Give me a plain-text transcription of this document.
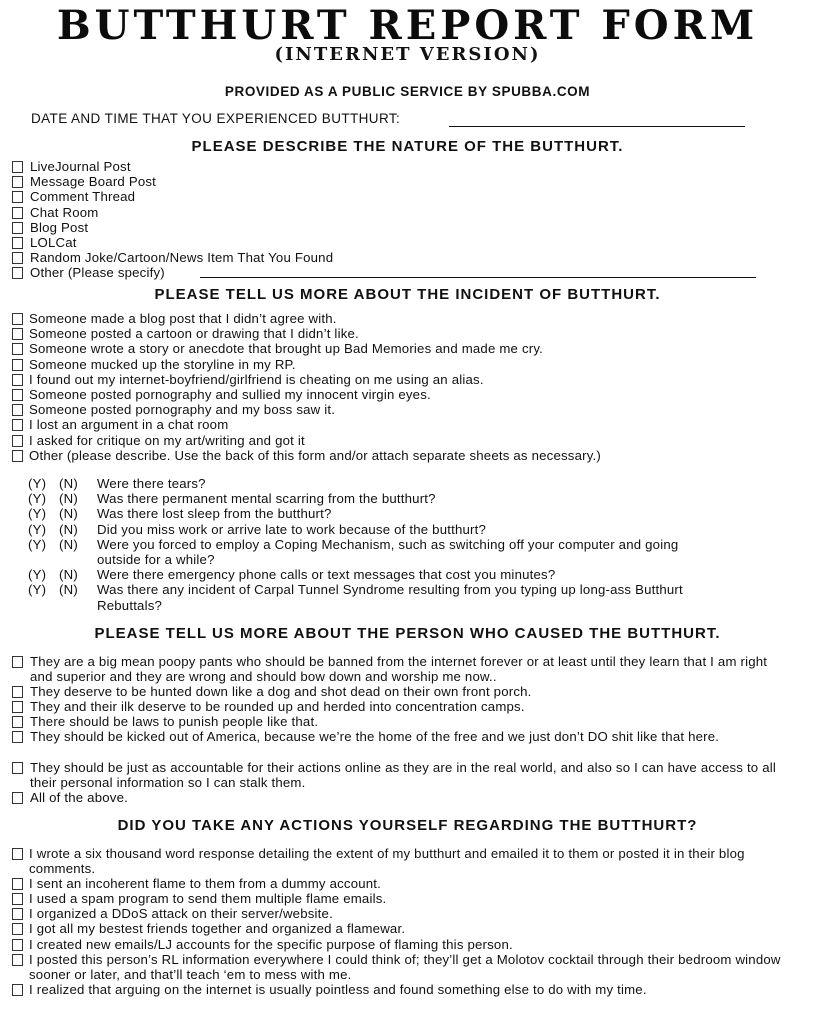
BUTTHURT REPORT FORM
(INTERNET VERSION)
PROVIDED AS A PUBLIC SERVICE BY SPUBBA.COM
DATE AND TIME THAT YOU EXPERIENCED BUTTHURT:
PLEASE DESCRIBE THE NATURE OF THE BUTTHURT.
LiveJournal Post
Message Board Post
Comment Thread
Chat Room
Blog Post
LOLCat
Random Joke/Cartoon/News Item That You Found
Other (Please specify)
PLEASE TELL US MORE ABOUT THE INCIDENT OF BUTTHURT.
Someone made a blog post that I didn’t agree with.
Someone posted a cartoon or drawing that I didn’t like.
Someone wrote a story or anecdote that brought up Bad Memories and made me cry.
Someone mucked up the storyline in my RP.
I found out my internet-boyfriend/girlfriend is cheating on me using an alias.
Someone posted pornography and sullied my innocent virgin eyes.
Someone posted pornography and my boss saw it.
I lost an argument in a chat room
I asked for critique on my art/writing and got it
Other (please describe. Use the back of this form and/or attach separate sheets as necessary.)
(Y) (N) Were there tears?
(Y) (N) Was there permanent mental scarring from the butthurt?
(Y) (N) Was there lost sleep from the butthurt?
(Y) (N) Did you miss work or arrive late to work because of the butthurt?
(Y) (N) Were you forced to employ a Coping Mechanism, such as switching off your computer and going outside for a while?
(Y) (N) Were there emergency phone calls or text messages that cost you minutes?
(Y) (N) Was there any incident of Carpal Tunnel Syndrome resulting from you typing up long-ass Butthurt Rebuttals?
PLEASE TELL US MORE ABOUT THE PERSON WHO CAUSED THE BUTTHURT.
They are a big mean poopy pants who should be banned from the internet forever or at least until they learn that I am right and superior and they are wrong and should bow down and worship me now..
They deserve to be hunted down like a dog and shot dead on their own front porch.
They and their ilk deserve to be rounded up and herded into concentration camps.
There should be laws to punish people like that.
They should be kicked out of America, because we’re the home of the free and we just don’t DO shit like that here.
They should be just as accountable for their actions online as they are in the real world, and also so I can have access to all their personal information so I can stalk them.
All of the above.
DID YOU TAKE ANY ACTIONS YOURSELF REGARDING THE BUTTHURT?
I wrote a six thousand word response detailing the extent of my butthurt and emailed it to them or posted it in their blog comments.
I sent an incoherent flame to them from a dummy account.
I used a spam program to send them multiple flame emails.
I organized a DDoS attack on their server/website.
I got all my bestest friends together and organized a flamewar.
I created new emails/LJ accounts for the specific purpose of flaming this person.
I posted this person’s RL information everywhere I could think of; they’ll get a Molotov cocktail through their bedroom window sooner or later, and that’ll teach ‘em to mess with me.
I realized that arguing on the internet is usually pointless and found something else to do with my time.
